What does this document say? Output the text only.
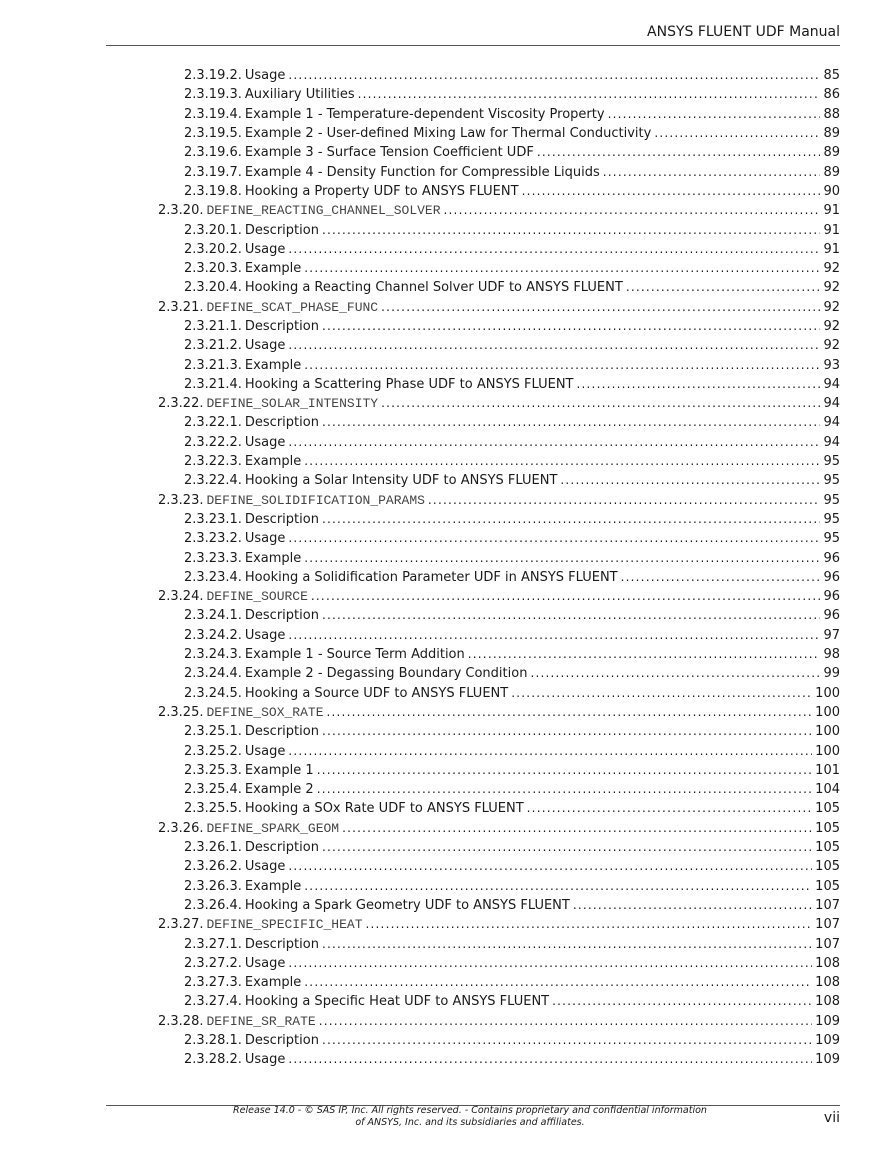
ANSYS FLUENT UDF Manual
2.3.19.2. Usage .....	85
2.3.19.3. Auxiliary Utilities .....	86
2.3.19.4. Example 1 - Temperature-dependent Viscosity Property .....	88
2.3.19.5. Example 2 - User-defined Mixing Law for Thermal Conductivity .....	89
2.3.19.6. Example 3 - Surface Tension Coefficient UDF .....	89
2.3.19.7. Example 4 - Density Function for Compressible Liquids .....	89
2.3.19.8. Hooking a Property UDF to ANSYS FLUENT .....	90
2.3.20. DEFINE_REACTING_CHANNEL_SOLVER .....	91
2.3.20.1. Description .....	91
2.3.20.2. Usage .....	91
2.3.20.3. Example .....	92
2.3.20.4. Hooking a Reacting Channel Solver UDF to ANSYS FLUENT .....	92
2.3.21. DEFINE_SCAT_PHASE_FUNC .....	92
2.3.21.1. Description .....	92
2.3.21.2. Usage .....	92
2.3.21.3. Example .....	93
2.3.21.4. Hooking a Scattering Phase UDF to ANSYS FLUENT .....	94
2.3.22. DEFINE_SOLAR_INTENSITY .....	94
2.3.22.1. Description .....	94
2.3.22.2. Usage .....	94
2.3.22.3. Example .....	95
2.3.22.4. Hooking a Solar Intensity UDF to ANSYS FLUENT .....	95
2.3.23. DEFINE_SOLIDIFICATION_PARAMS .....	95
2.3.23.1. Description .....	95
2.3.23.2. Usage .....	95
2.3.23.3. Example .....	96
2.3.23.4. Hooking a Solidification Parameter UDF in ANSYS FLUENT .....	96
2.3.24. DEFINE_SOURCE .....	96
2.3.24.1. Description .....	96
2.3.24.2. Usage .....	97
2.3.24.3. Example 1 - Source Term Addition .....	98
2.3.24.4. Example 2 - Degassing Boundary Condition .....	99
2.3.24.5. Hooking a Source UDF to ANSYS FLUENT .....	100
2.3.25. DEFINE_SOX_RATE .....	100
2.3.25.1. Description .....	100
2.3.25.2. Usage .....	100
2.3.25.3. Example 1 .....	101
2.3.25.4. Example 2 .....	104
2.3.25.5. Hooking a SOx Rate UDF to ANSYS FLUENT .....	105
2.3.26. DEFINE_SPARK_GEOM .....	105
2.3.26.1. Description .....	105
2.3.26.2. Usage .....	105
2.3.26.3. Example .....	105
2.3.26.4. Hooking a Spark Geometry UDF to ANSYS FLUENT .....	107
2.3.27. DEFINE_SPECIFIC_HEAT .....	107
2.3.27.1. Description .....	107
2.3.27.2. Usage .....	108
2.3.27.3. Example .....	108
2.3.27.4. Hooking a Specific Heat UDF to ANSYS FLUENT .....	108
2.3.28. DEFINE_SR_RATE .....	109
2.3.28.1. Description .....	109
2.3.28.2. Usage .....	109
Release 14.0 - © SAS IP, Inc. All rights reserved. - Contains proprietary and confidential information
of ANSYS, Inc. and its subsidiaries and affiliates.	vii
